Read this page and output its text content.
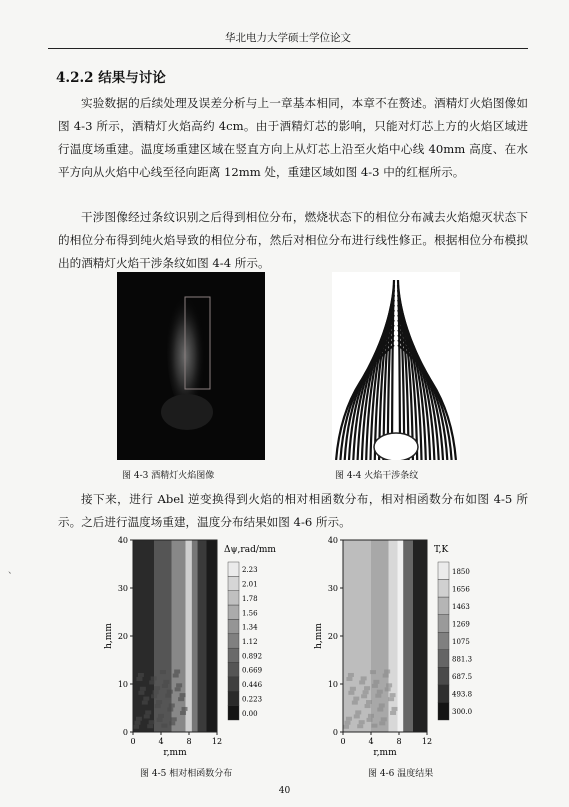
华北电力大学硕士学位论文
4.2.2 结果与讨论

实验数据的后续处理及误差分析与上一章基本相同，本章不在赘述。酒精灯火焰图像如图 4-3 所示，酒精灯火焰高约 4cm。由于酒精灯芯的影响，只能对灯芯上方的火焰区域进行温度场重建。温度场重建区域在竖直方向上从灯芯上沿至火焰中心线 40mm 高度、在水平方向从火焰中心线至径向距离 12mm 处，重建区域如图 4-3 中的红框所示。

干涉图像经过条纹识别之后得到相位分布，燃烧状态下的相位分布减去火焰熄灭状态下的相位分布得到纯火焰导致的相位分布，然后对相位分布进行线性修正。根据相位分布模拟出的酒精灯火焰干涉条纹如图 4-4 所示。

图 4-3 酒精灯火焰图像	图 4-4 火焰干涉条纹

接下来，进行 Abel 逆变换得到火焰的相对相函数分布，相对相函数分布如图 4-5 所示。之后进行温度场重建，温度分布结果如图 4-6 所示。

、
0	4	8	12
0
10
20
30
40
r,mm
h,mm
2.23
2.01
1.78
1.56
1.34
1.12
0.892
0.669
0.446
0.223
0.00
Δψ,rad/mm
0	4	8	12
0
10
20
30
40
r,mm
h,mm
1850
1656
1463
1269
1075
881.3
687.5
493.8
300.0
T,K
图 4-5 相对相函数分布	图 4-6 温度结果
40
